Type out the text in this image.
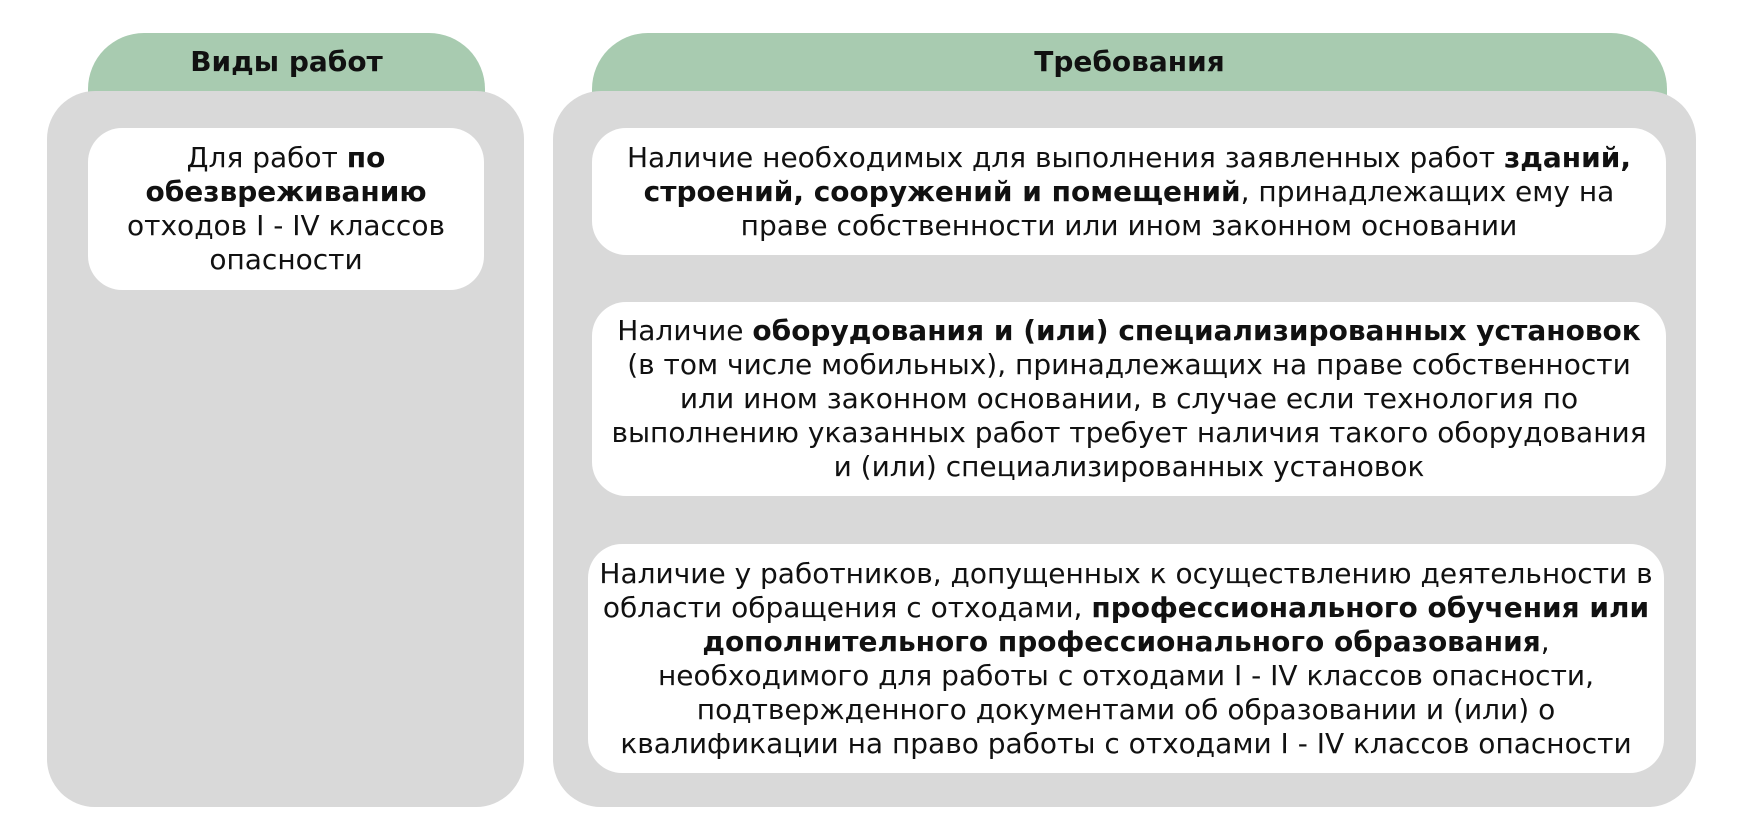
Виды работ	Требования

Для работ по обезвреживанию отходов I - IV классов опасности

Наличие необходимых для выполнения заявленных работ зданий, строений, сооружений и помещений, принадлежащих ему на праве собственности или ином законном основании

Наличие оборудования и (или) специализированных установок (в том числе мобильных), принадлежащих на праве собственности или ином законном основании, в случае если технология по выполнению указанных работ требует наличия такого оборудования и (или) специализированных установок

Наличие у работников, допущенных к осуществлению деятельности в области обращения с отходами, профессионального обучения или дополнительного профессионального образования, необходимого для работы с отходами I - IV классов опасности, подтвержденного документами об образовании и (или) о квалификации на право работы с отходами I - IV классов опасности
